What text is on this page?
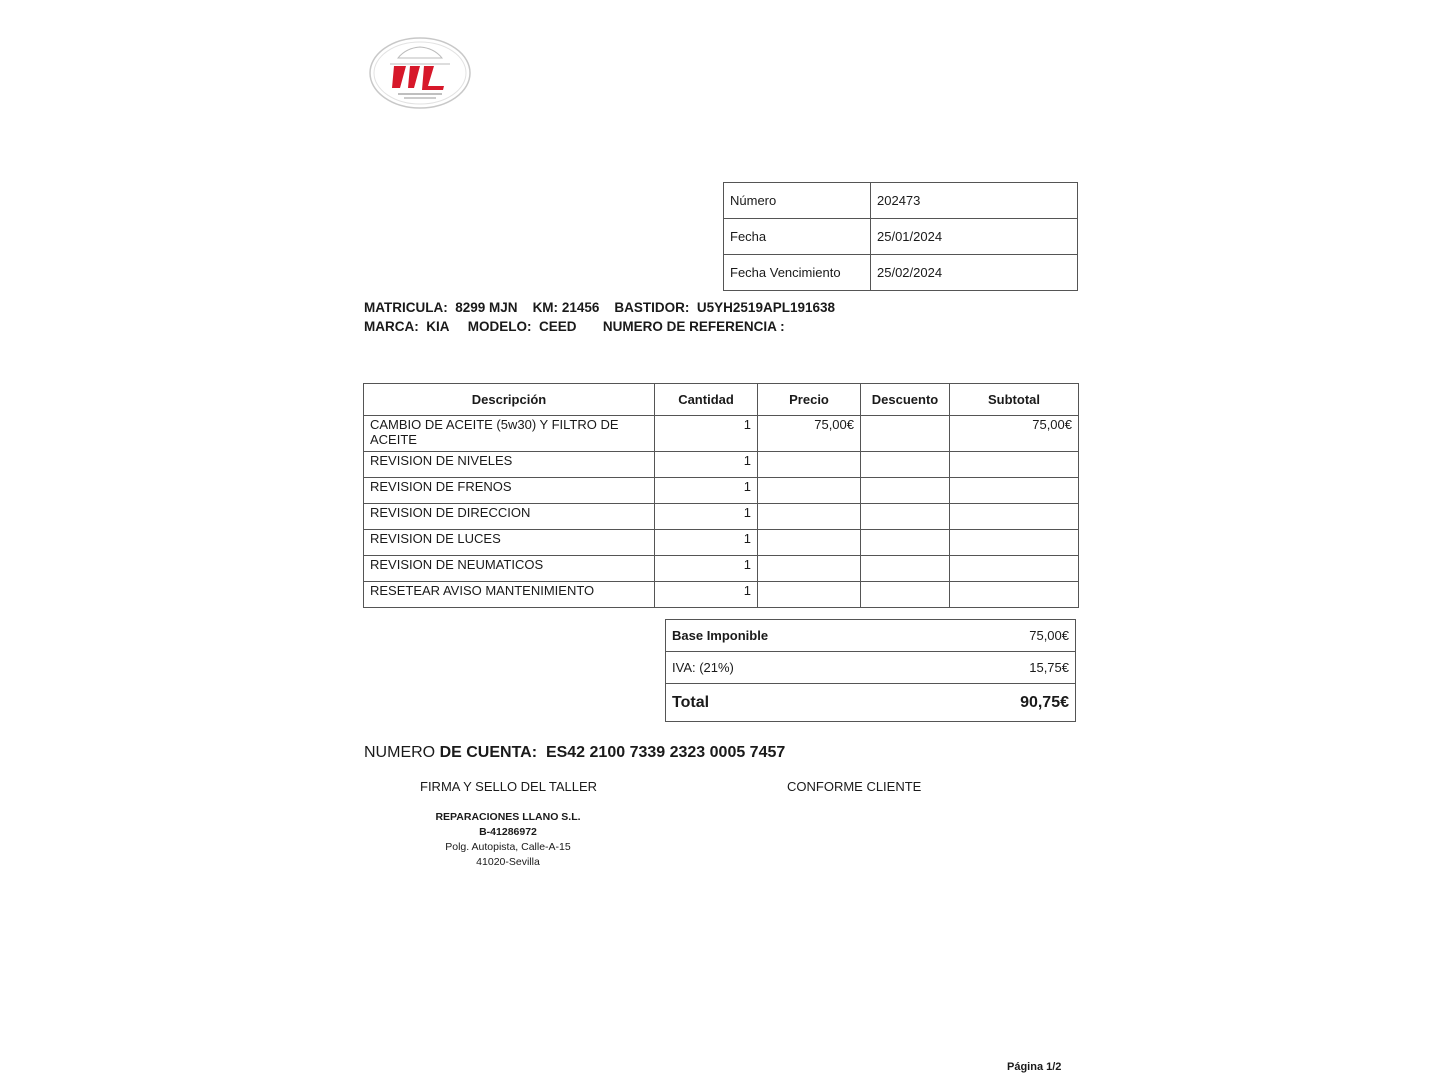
Número	202473
Fecha	25/01/2024
Fecha Vencimiento	25/02/2024
MATRICULA: 8299 MJN KM: 21456 BASTIDOR: U5YH2519APL191638
MARCA: KIA MODELO: CEED NUMERO DE REFERENCIA :
Descripción	Cantidad	Precio	Descuento	Subtotal
CAMBIO DE ACEITE (5w30) Y FILTRO DE ACEITE	1	75,00€		75,00€
REVISION DE NIVELES	1			
REVISION DE FRENOS	1			
REVISION DE DIRECCION	1			
REVISION DE LUCES	1			
REVISION DE NEUMATICOS	1			
RESETEAR AVISO MANTENIMIENTO	1			
Base Imponible	75,00€
IVA: (21%)	15,75€
Total	90,75€
NUMERO DE CUENTA: ES42 2100 7339 2323 0005 7457
FIRMA Y SELLO DEL TALLER	CONFORME CLIENTE
REPARACIONES LLANO S.L.
B-41286972
Polg. Autopista, Calle-A-15
41020-Sevilla
Página 1/2
